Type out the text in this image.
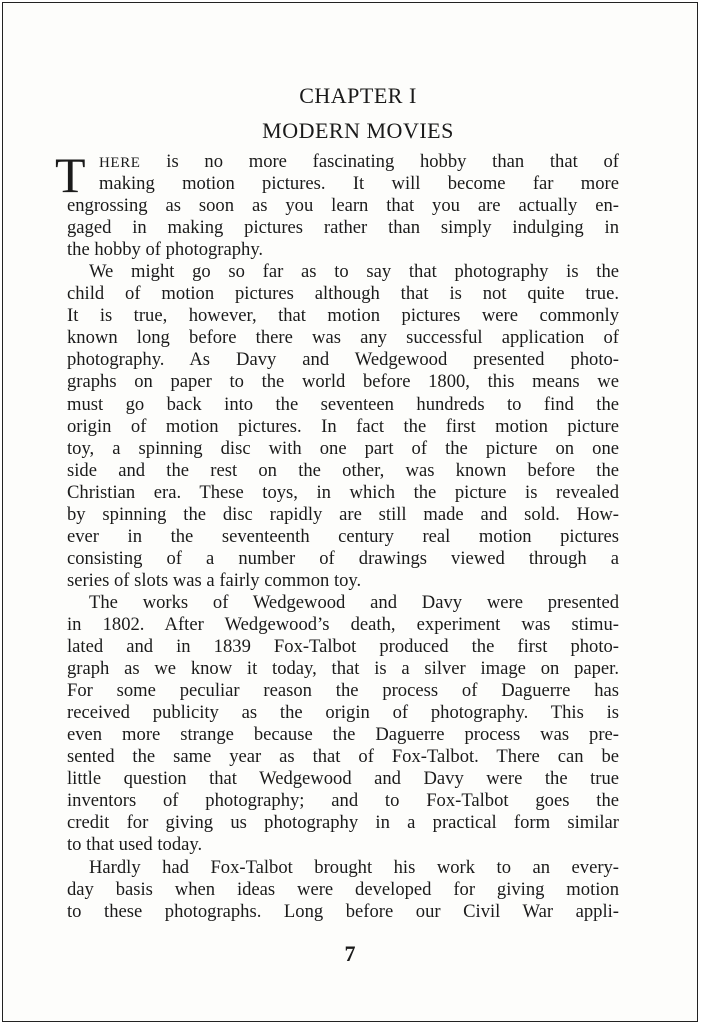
CHAPTER I
MODERN MOVIES
T HERE is no more fascinating hobby than that of
making motion pictures. It will become far more
engrossing as soon as you learn that you are actually en-
gaged in making pictures rather than simply indulging in
the hobby of photography.
We might go so far as to say that photography is the
child of motion pictures although that is not quite true.
It is true, however, that motion pictures were commonly
known long before there was any successful application of
photography. As Davy and Wedgewood presented photo-
graphs on paper to the world before 1800, this means we
must go back into the seventeen hundreds to find the
origin of motion pictures. In fact the first motion picture
toy, a spinning disc with one part of the picture on one
side and the rest on the other, was known before the
Christian era. These toys, in which the picture is revealed
by spinning the disc rapidly are still made and sold. How-
ever in the seventeenth century real motion pictures
consisting of a number of drawings viewed through a
series of slots was a fairly common toy.
The works of Wedgewood and Davy were presented
in 1802. After Wedgewood’s death, experiment was stimu-
lated and in 1839 Fox-Talbot produced the first photo-
graph as we know it today, that is a silver image on paper.
For some peculiar reason the process of Daguerre has
received publicity as the origin of photography. This is
even more strange because the Daguerre process was pre-
sented the same year as that of Fox-Talbot. There can be
little question that Wedgewood and Davy were the true
inventors of photography; and to Fox-Talbot goes the
credit for giving us photography in a practical form similar
to that used today.
Hardly had Fox-Talbot brought his work to an every-
day basis when ideas were developed for giving motion
to these photographs. Long before our Civil War appli-
7
